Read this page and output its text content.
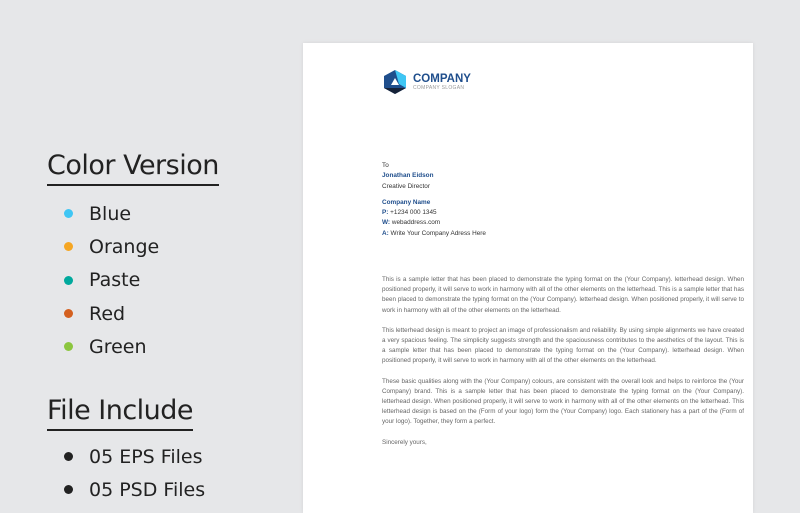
Color Version
Blue
Orange
Paste
Red
Green
File Include
05 EPS Files
05 PSD Files
COMPANY
COMPANY SLOGAN
To
Jonathan Eidson
Creative Director
Company Name
P: +1234 000 1345
W: webaddress.com
A: Write Your Company Adress Here

This is a sample letter that has been placed to demonstrate the typing format on the (Your Company). letterhead design. When positioned properly, it will serve to work in harmony with all of the other elements on the letterhead. This is a sample letter that has been placed to demonstrate the typing format on the (Your Company). letterhead design. When positioned properly, it will serve to work in harmony with all of the other elements on the letterhead.

This letterhead design is meant to project an image of professionalism and reliability. By using simple alignments we have created a very spacious feeling. The simplicity suggests strength and the spaciousness contributes to the aesthetics of the layout. This is a sample letter that has been placed to demonstrate the typing format on the (Your Company). letterhead design. When positioned properly, it will serve to work in harmony with all of the other elements on the letterhead.

These basic qualities along with the (Your Company) colours, are consistent with the overall look and helps to reinforce the (Your Company) brand. This is a sample letter that has been placed to demonstrate the typing format on the (Your Company). letterhead design. When positioned properly, it will serve to work in harmony with all of the other elements on the letterhead. This letterhead design is based on the (Form of your logo) form the (Your Company) logo. Each stationery has a part of the (Form of your logo). Together, they form a perfect.

Sincerely yours,
